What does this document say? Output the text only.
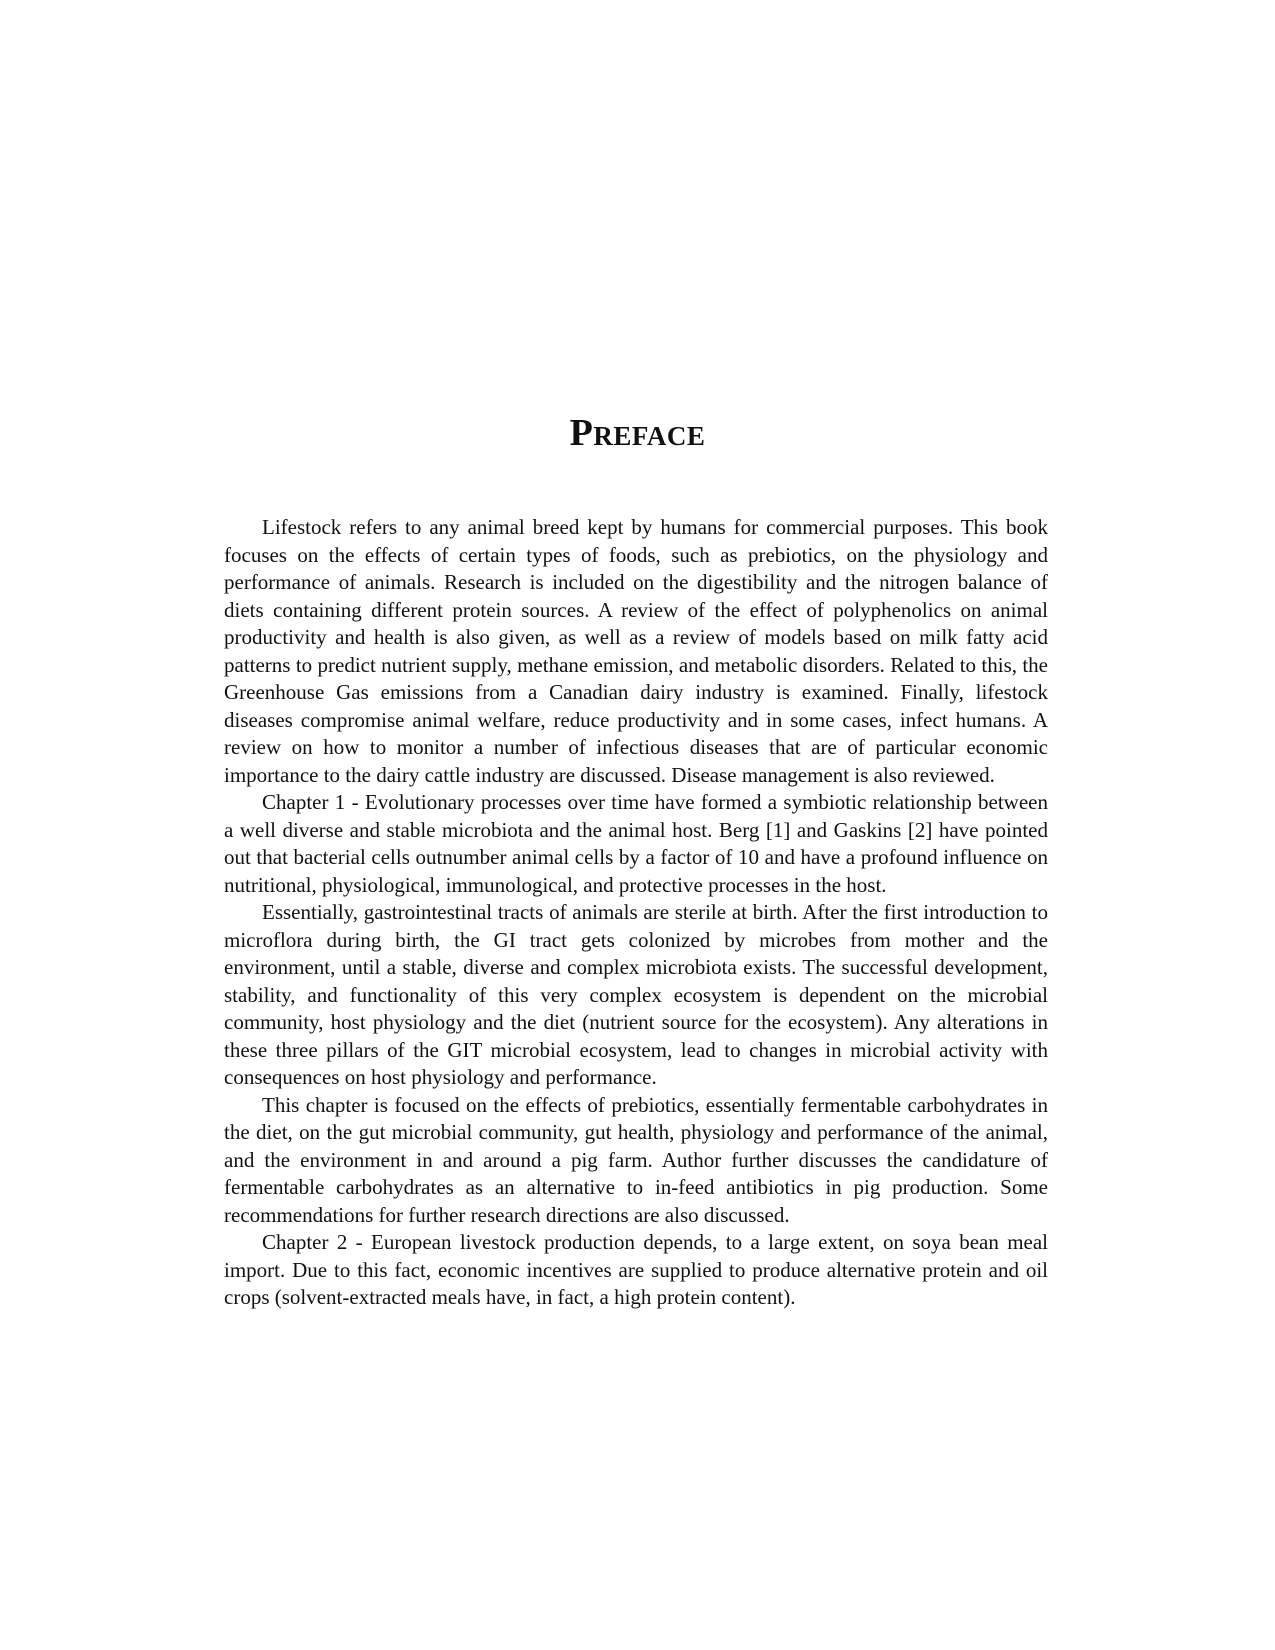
Preface

Lifestock refers to any animal breed kept by humans for commercial purposes. This book focuses on the effects of certain types of foods, such as prebiotics, on the physiology and performance of animals. Research is included on the digestibility and the nitrogen balance of diets containing different protein sources. A review of the effect of polyphenolics on animal productivity and health is also given, as well as a review of models based on milk fatty acid patterns to predict nutrient supply, methane emission, and metabolic disorders. Related to this, the Greenhouse Gas emissions from a Canadian dairy industry is examined. Finally, lifestock diseases compromise animal welfare, reduce productivity and in some cases, infect humans. A review on how to monitor a number of infectious diseases that are of particular economic importance to the dairy cattle industry are discussed. Disease management is also reviewed.

Chapter 1 - Evolutionary processes over time have formed a symbiotic relationship between a well diverse and stable microbiota and the animal host. Berg [1] and Gaskins [2] have pointed out that bacterial cells outnumber animal cells by a factor of 10 and have a profound influence on nutritional, physiological, immunological, and protective processes in the host.

Essentially, gastrointestinal tracts of animals are sterile at birth. After the first introduction to microflora during birth, the GI tract gets colonized by microbes from mother and the environment, until a stable, diverse and complex microbiota exists. The successful development, stability, and functionality of this very complex ecosystem is dependent on the microbial community, host physiology and the diet (nutrient source for the ecosystem). Any alterations in these three pillars of the GIT microbial ecosystem, lead to changes in microbial activity with consequences on host physiology and performance.

This chapter is focused on the effects of prebiotics, essentially fermentable carbohydrates in the diet, on the gut microbial community, gut health, physiology and performance of the animal, and the environment in and around a pig farm. Author further discusses the candidature of fermentable carbohydrates as an alternative to in-feed antibiotics in pig production. Some recommendations for further research directions are also discussed.

Chapter 2 - European livestock production depends, to a large extent, on soya bean meal import. Due to this fact, economic incentives are supplied to produce alternative protein and oil crops (solvent-extracted meals have, in fact, a high protein content).
